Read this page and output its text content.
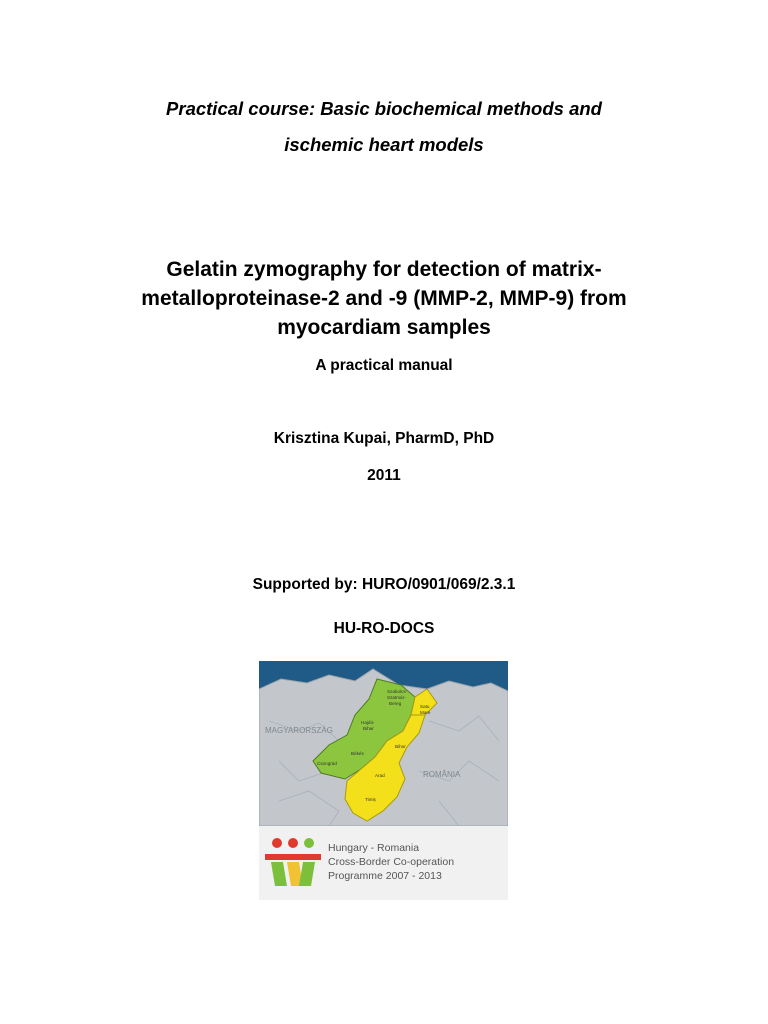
Practical course: Basic biochemical methods and

ischemic heart models

Gelatin zymography for detection of matrix-

metalloproteinase-2 and -9 (MMP-2, MMP-9) from

myocardiam samples

A practical manual

Krisztina Kupai, PharmD, PhD

2011

Supported by: HURO/0901/069/2.3.1

HU-RO-DOCS

Szabolcs-
Szatmár-
Bereg
Satu
Mare
Hajdú-
Bihar
Bihor
Békés
Csongrád
Arad
Timiș
MAGYARORSZÁG
ROMÂNIA
Hungary - Romania
Cross-Border Co-operation
Programme 2007 - 2013
